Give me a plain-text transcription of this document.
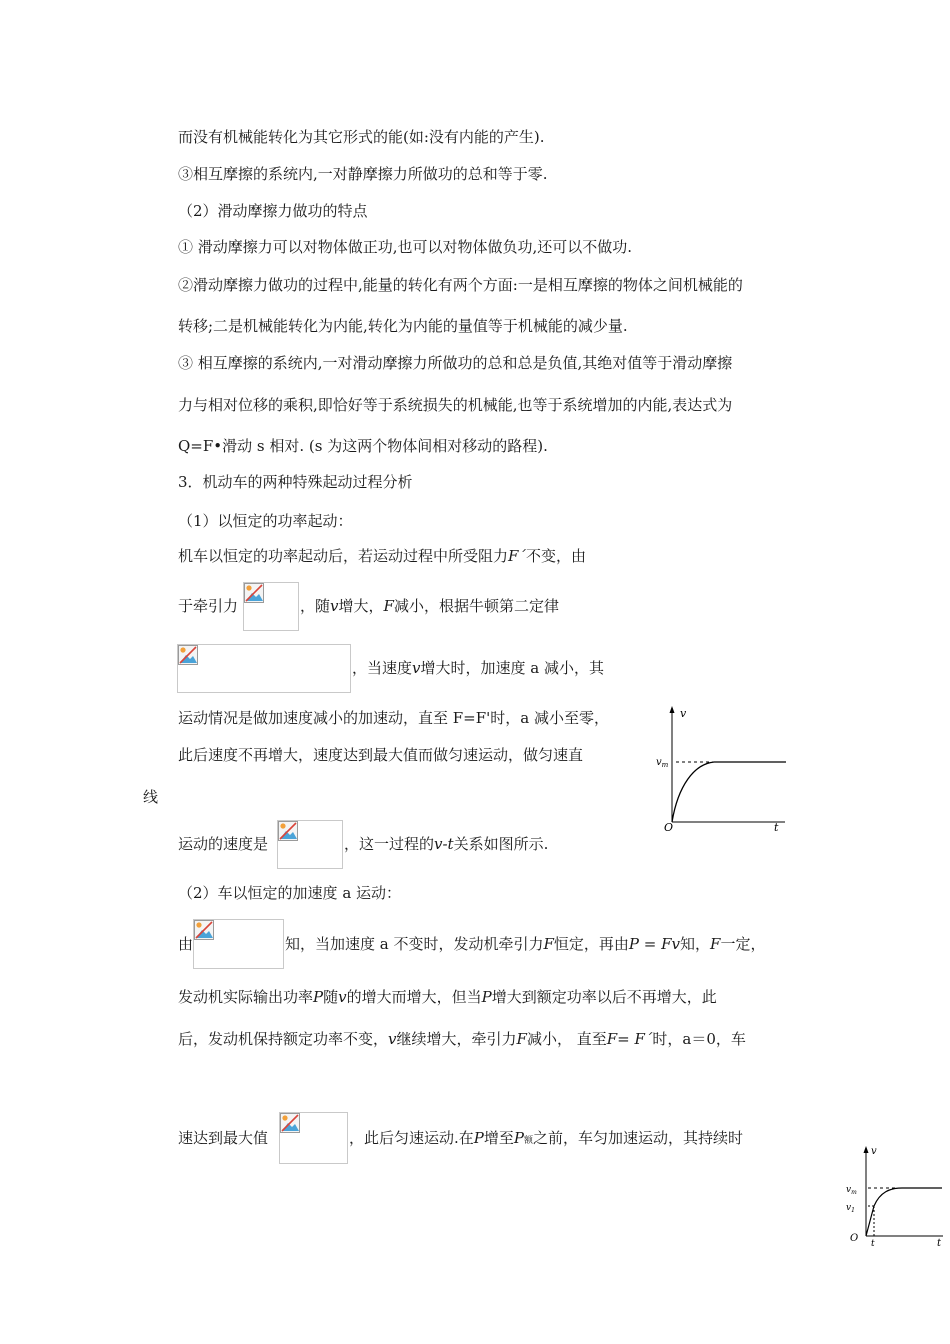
而没有机械能转化为其它形式的能(如:没有内能的产生).
③相互摩擦的系统内,一对静摩擦力所做功的总和等于零.
（2）滑动摩擦力做功的特点
① 滑动摩擦力可以对物体做正功,也可以对物体做负功,还可以不做功.
②滑动摩擦力做功的过程中,能量的转化有两个方面:一是相互摩擦的物体之间机械能的
转移;二是机械能转化为内能,转化为内能的量值等于机械能的减少量.
③ 相互摩擦的系统内,一对滑动摩擦力所做功的总和总是负值,其绝对值等于滑动摩擦
力与相对位移的乘积,即恰好等于系统损失的机械能,也等于系统增加的内能,表达式为
Q=F•滑动 s 相对. (s 为这两个物体间相对移动的路程).
3．机动车的两种特殊起动过程分析
（1）以恒定的功率起动：
机车以恒定的功率起动后，若运动过程中所受阻力F´不变，由
于牵引力	，随v增大，F减小，根据牛顿第二定律
，当速度v增大时，加速度 a 减小，其
运动情况是做加速度减小的加速动，直至 F=F'时，a 减小至零，
此后速度不再增大，速度达到最大值而做匀速运动，做匀速直
线
运动的速度是	，这一过程的v-t关系如图所示.
v
$v_m$
O	t
（2）车以恒定的加速度 a 运动：
由	知，当加速度 a 不变时，发动机牵引力F恒定，再由P = Fv知，F一定，
发动机实际输出功率P随v的增大而增大，但当P增大到额定功率以后不再增大，此
后，发动机保持额定功率不变，v继续增大，牵引力F减小， 直至F= F´时，a＝0，车
速达到最大值	，此后匀速运动.在P增至P额之前，车匀加速运动，其持续时
v
$v_m$
$v_1$
O t	t
